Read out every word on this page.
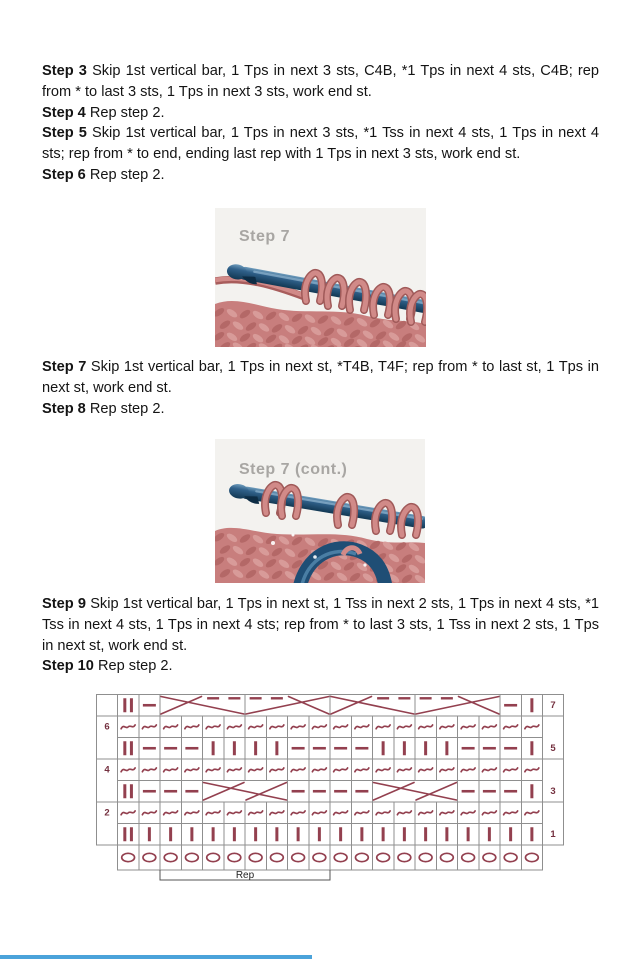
Step 3 Skip 1st vertical bar, 1 Tps in next 3 sts, C4B, *1 Tps in next 4 sts, C4B; rep from * to last 3 sts, 1 Tps in next 3 sts, work end st.

Step 4 Rep step 2.

Step 5 Skip 1st vertical bar, 1 Tps in next 3 sts, *1 Tss in next 4 sts, 1 Tps in next 4 sts; rep from * to end, ending last rep with 1 Tps in next 3 sts, work end st.

Step 6 Rep step 2.

Step 7

Step 7 Skip 1st vertical bar, 1 Tps in next st, *T4B, T4F; rep from * to last st, 1 Tps in next st, work end st.

Step 8 Rep step 2.

Step 7 (cont.)

Step 9 Skip 1st vertical bar, 1 Tps in next st, 1 Tss in next 2 sts, 1 Tps in next 4 sts, *1 Tss in next 4 sts, 1 Tps in next 4 sts; rep from * to last 3 sts, 1 Tss in next 2 sts, 1 Tps in next st, work end st.

Step 10 Rep step 2.

6
4
2
7
5
3
1
Rep
